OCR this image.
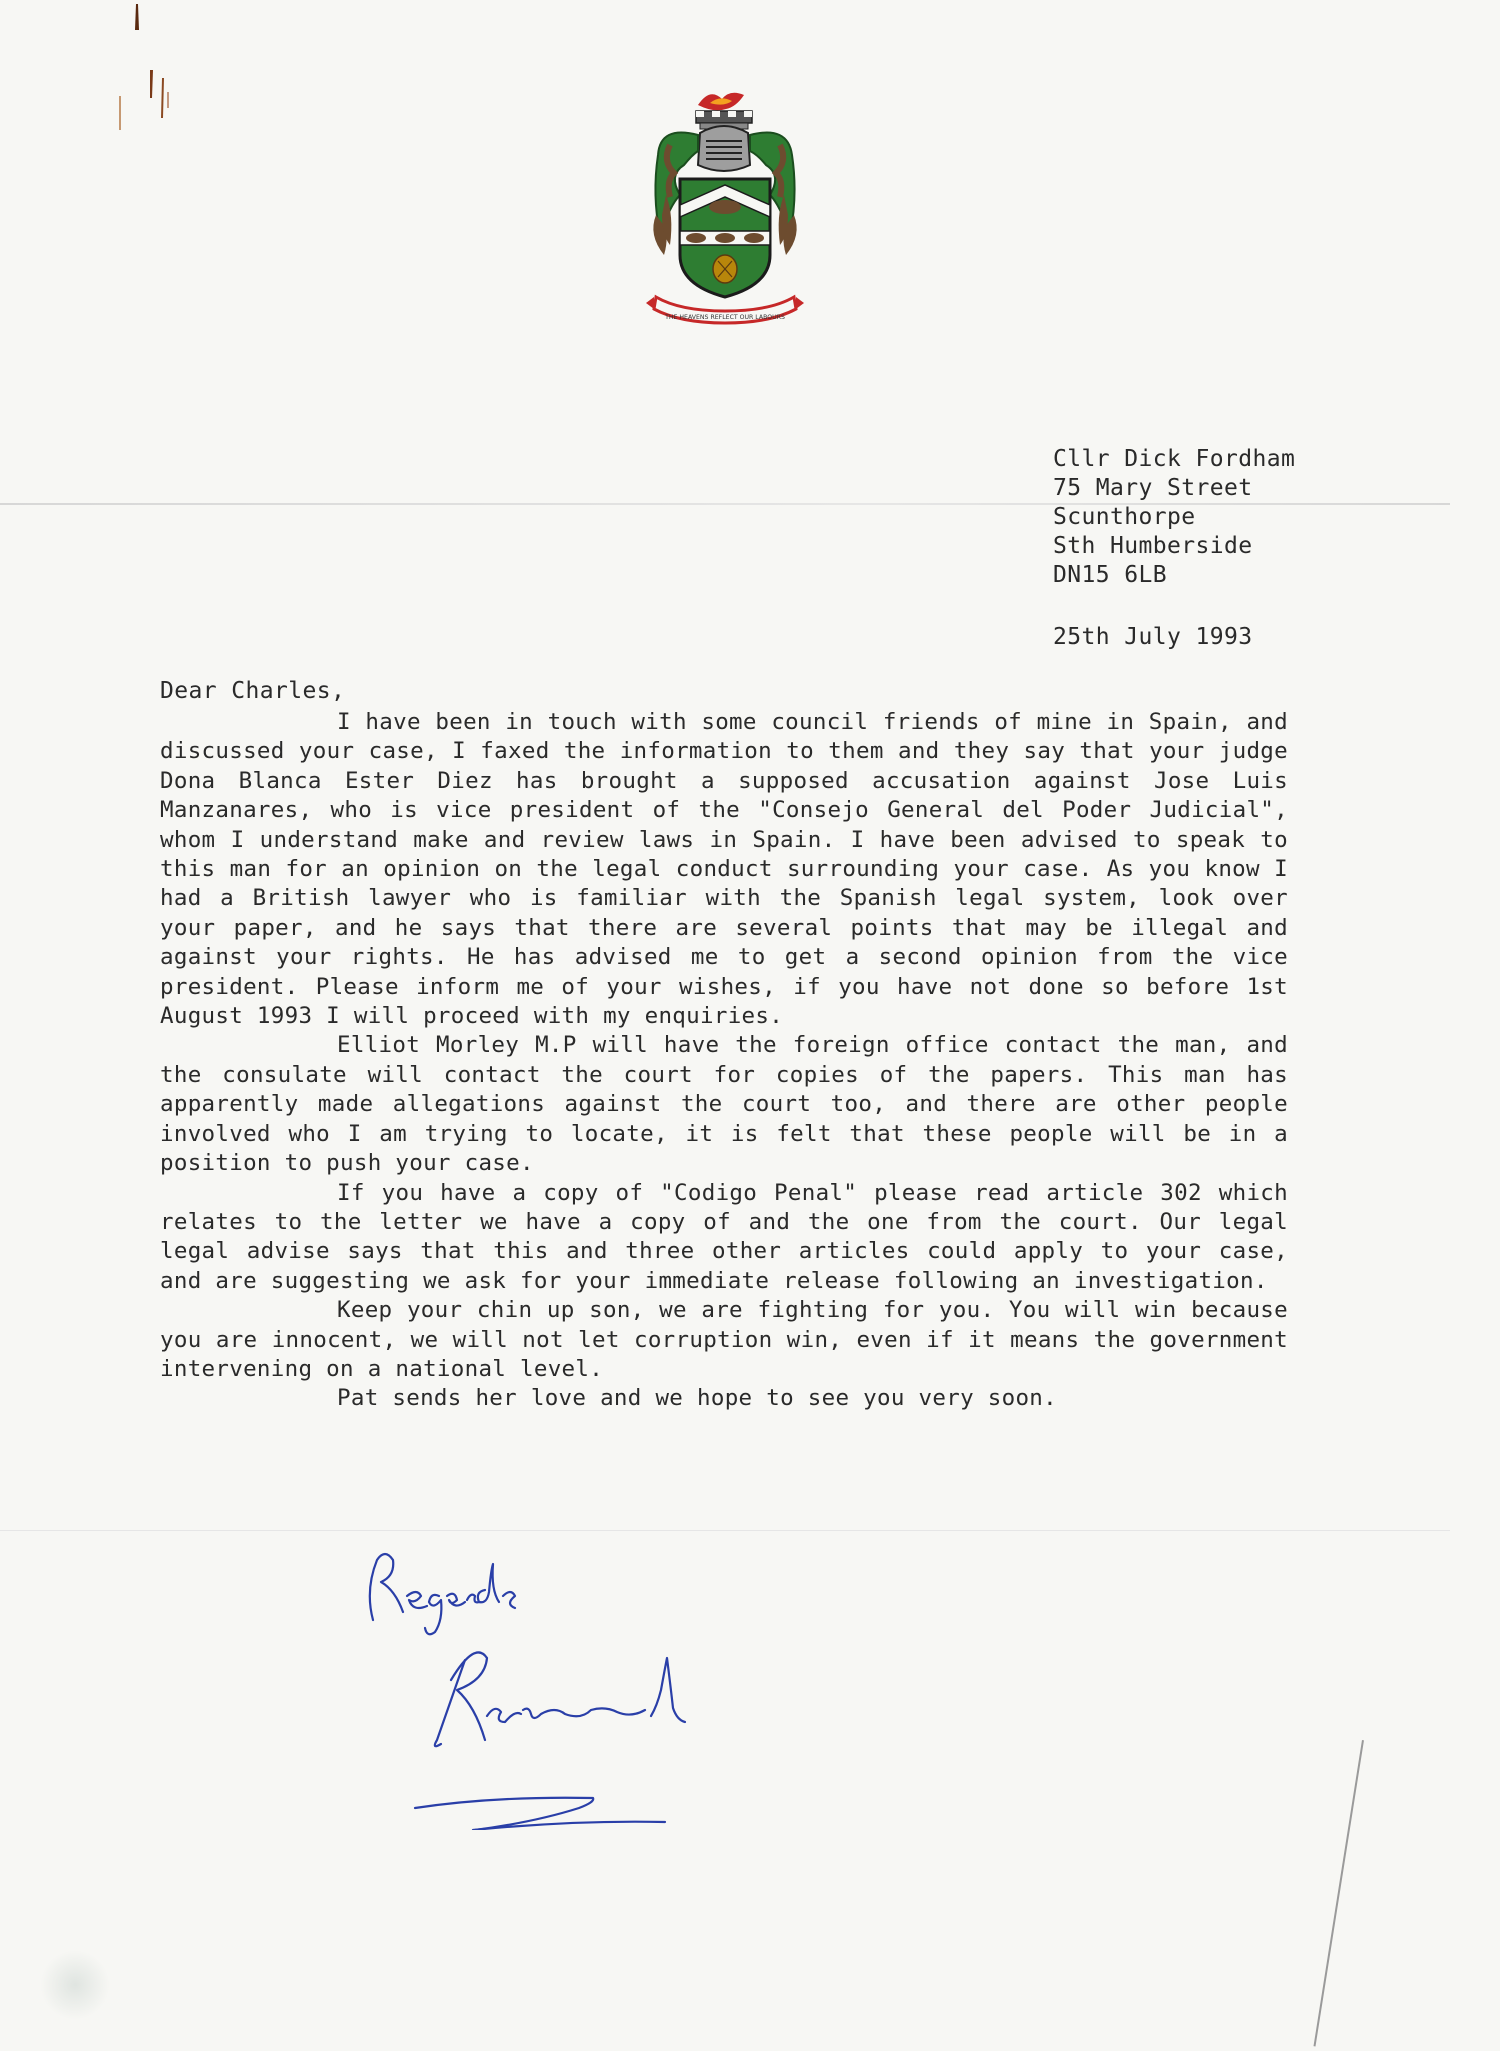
THE HEAVENS REFLECT OUR LABOURS
Cllr Dick Fordham
75 Mary Street
Scunthorpe
Sth Humberside
DN15 6LB
25th July 1993
Dear Charles,

I have been in touch with some council friends of mine in Spain, and discussed your case, I faxed the information to them and they say that your judge Dona Blanca Ester Diez has brought a supposed accusation against Jose Luis Manzanares, who is vice president of the "Consejo General del Poder Judicial", whom I understand make and review laws in Spain. I have been advised to speak to this man for an opinion on the legal conduct surrounding your case. As you know I had a British lawyer who is familiar with the Spanish legal system, look over your paper, and he says that there are several points that may be illegal and against your rights. He has advised me to get a second opinion from the vice president. Please inform me of your wishes, if you have not done so before 1st August 1993 I will proceed with my enquiries.

Elliot Morley M.P will have the foreign office contact the man, and the consulate will contact the court for copies of the papers. This man has apparently made allegations against the court too, and there are other people involved who I am trying to locate, it is felt that these people will be in a position to push your case.

If you have a copy of "Codigo Penal" please read article 302 which relates to the letter we have a copy of and the one from the court. Our legal legal advise says that this and three other articles could apply to your case, and are suggesting we ask for your immediate release following an investigation.

Keep your chin up son, we are fighting for you. You will win because you are innocent, we will not let corruption win, even if it means the government intervening on a national level.

Pat sends her love and we hope to see you very soon.
